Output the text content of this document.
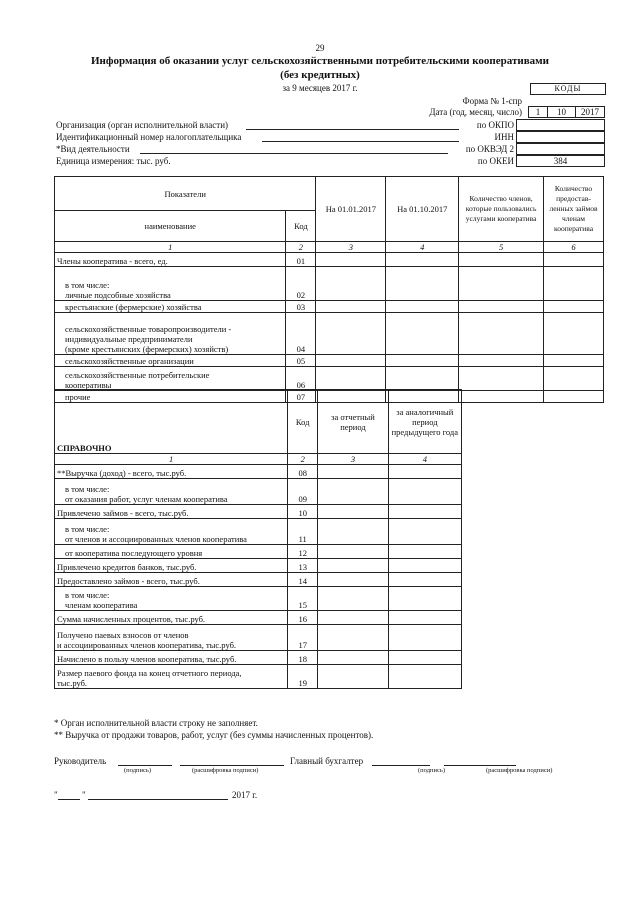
29
Информация об оказании услуг сельскохозяйственными потребительскими кооперативами
(без кредитных)
за 9 месяцев 2017 г.	КОДЫ
Форма № 1-спр
Дата (год, месяц, число)	1	10	2017
Организация (орган исполнительной власти)	по ОКПО
Идентификационный номер налогоплательщика	ИНН
*Вид деятельности	по ОКВЭД 2
Единица измерения: тыс. руб.	по ОКЕИ	384
Показатели		На 01.01.2017	На 01.10.2017	Количество членов, которые пользовались услугами кооператива	Количество предостав-ленных займов членам кооператива
наименование	Код				
1	2	3	4	5	6
Члены кооператива - всего, ед.	01				
в том числе:
личные подсобные хозяйства	02				
крестьянские (фермерские) хозяйства	03				
сельскохозяйственные товаропроизводители -
индивидуальные предприниматели
(кроме крестьянских (фермерских) хозяйств)	04				
сельскохозяйственные организации	05				
сельскохозяйственные потребительские
кооперативы	06				
прочие	07				
СПРАВОЧНО	Код	за отчетный период	за аналогичный период предыдущего года
1	2	3	4
**Выручка (доход) - всего, тыс.руб.	08		
в том числе:
от оказания работ, услуг членам кооператива	09		
Привлечено займов - всего, тыс.руб.	10		
в том числе:
от членов и ассоциированных членов кооператива	11		
от кооператива последующего уровня	12		
Привлечено кредитов банков, тыс.руб.	13		
Предоставлено займов - всего, тыс.руб.	14		
в том числе:
членам кооператива	15		
Сумма начисленных процентов, тыс.руб.	16		
Получено паевых взносов от членов
и ассоциированных членов кооператива, тыс.руб.	17		
Начислено в пользу членов кооператива, тыс.руб.	18		
Размер паевого фонда на конец отчетного периода,
тыс.руб.	19		
* Орган исполнительной власти строку не заполняет.
** Выручка от продажи товаров, работ, услуг (без суммы начисленных процентов).
Руководитель
(подпись)	(расшифровка подписи)
Главный бухгалтер
(подпись)	(расшифровка подписи)
"	"	2017 г.
